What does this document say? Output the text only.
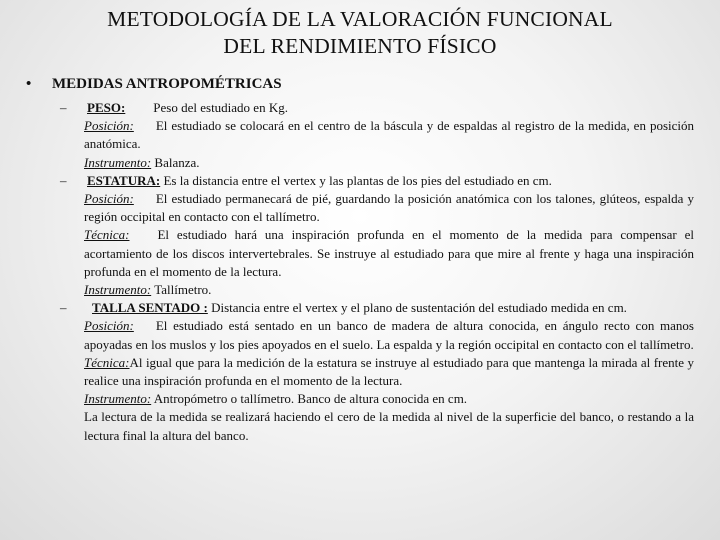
METODOLOGÍA DE LA VALORACIÓN FUNCIONAL
DEL RENDIMIENTO FÍSICO
• MEDIDAS ANTROPOMÉTRICAS
– PESO: Peso del estudiado en Kg.
Posición: El estudiado se colocará en el centro de la báscula y de espaldas al registro de la medida, en posición anatómica.
Instrumento: Balanza.
– ESTATURA: Es la distancia entre el vertex y las plantas de los pies del estudiado en cm.
Posición: El estudiado permanecará de pié, guardando la posición anatómica con los talones, glúteos, espalda y región occipital en contacto con el tallímetro.
Técnica: El estudiado hará una inspiración profunda en el momento de la medida para compensar el acortamiento de los discos intervertebrales. Se instruye al estudiado para que mire al frente y haga una inspiración profunda en el momento de la lectura.
Instrumento: Tallímetro.
– TALLA SENTADO : Distancia entre el vertex y el plano de sustentación del estudiado medida en cm.
Posición: El estudiado está sentado en un banco de madera de altura conocida, en ángulo recto con manos apoyadas en los muslos y los pies apoyados en el suelo. La espalda y la región occipital en contacto con el tallímetro.
Técnica:Al igual que para la medición de la estatura se instruye al estudiado para que mantenga la mirada al frente y realice una inspiración profunda en el momento de la lectura.
Instrumento: Antropómetro o tallímetro. Banco de altura conocida en cm.
La lectura de la medida se realizará haciendo el cero de la medida al nivel de la superficie del banco, o restando a la lectura final la altura del banco.
